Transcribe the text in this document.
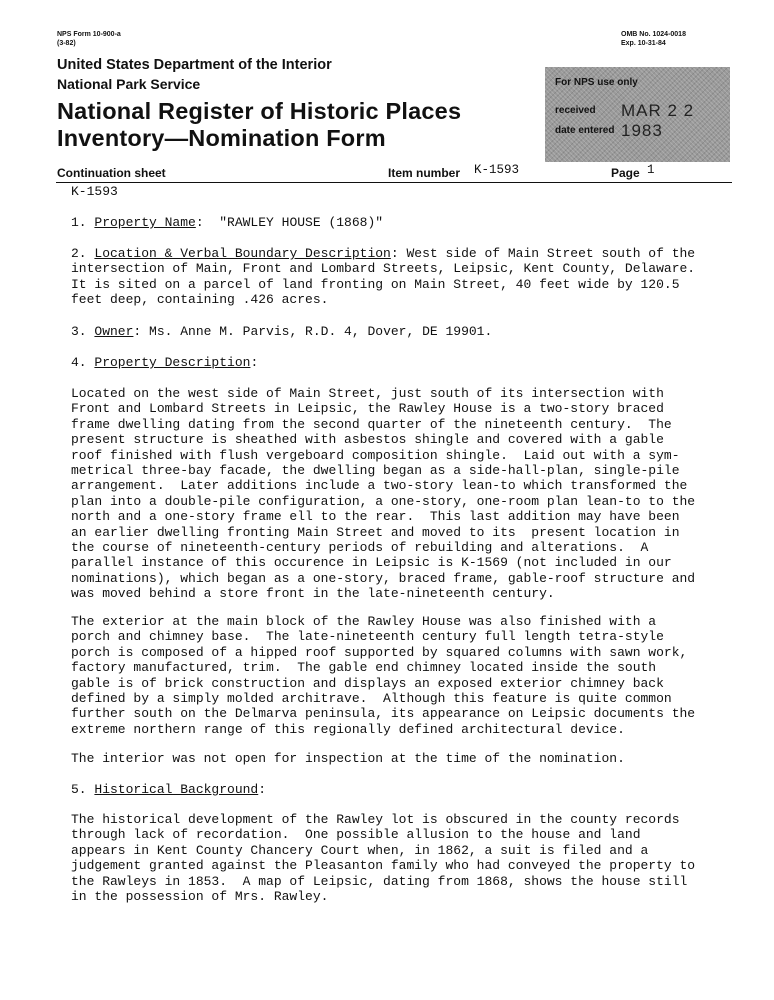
NPS Form 10-900-a
(3-82)
OMB No. 1024-0018
Exp. 10-31-84
United States Department of the Interior
National Park Service
National Register of Historic Places
Inventory—Nomination Form
For NPS use only
received MAR 2 2 1983
date entered
Continuation sheet	Item number K-1593	Page 1
K-1593
1. Property Name:  "RAWLEY HOUSE (1868)"
2. Location & Verbal Boundary Description: West side of Main Street south of the
intersection of Main, Front and Lombard Streets, Leipsic, Kent County, Delaware.
It is sited on a parcel of land fronting on Main Street, 40 feet wide by 120.5
feet deep, containing .426 acres.
3. Owner: Ms. Anne M. Parvis, R.D. 4, Dover, DE 19901.
4. Property Description:
Located on the west side of Main Street, just south of its intersection with
Front and Lombard Streets in Leipsic, the Rawley House is a two-story braced
frame dwelling dating from the second quarter of the nineteenth century.  The
present structure is sheathed with asbestos shingle and covered with a gable
roof finished with flush vergeboard composition shingle.  Laid out with a sym-
metrical three-bay facade, the dwelling began as a side-hall-plan, single-pile
arrangement.  Later additions include a two-story lean-to which transformed the
plan into a double-pile configuration, a one-story, one-room plan lean-to to the
north and a one-story frame ell to the rear.  This last addition may have been
an earlier dwelling fronting Main Street and moved to its  present location in
the course of nineteenth-century periods of rebuilding and alterations.  A
parallel instance of this occurence in Leipsic is K-1569 (not included in our
nominations), which began as a one-story, braced frame, gable-roof structure and
was moved behind a store front in the late-nineteenth century.
The exterior at the main block of the Rawley House was also finished with a
porch and chimney base.  The late-nineteenth century full length tetra-style
porch is composed of a hipped roof supported by squared columns with sawn work,
factory manufactured, trim.  The gable end chimney located inside the south
gable is of brick construction and displays an exposed exterior chimney back
defined by a simply molded architrave.  Although this feature is quite common
further south on the Delmarva peninsula, its appearance on Leipsic documents the
extreme northern range of this regionally defined architectural device.
The interior was not open for inspection at the time of the nomination.
5. Historical Background:
The historical development of the Rawley lot is obscured in the county records
through lack of recordation.  One possible allusion to the house and land
appears in Kent County Chancery Court when, in 1862, a suit is filed and a
judgement granted against the Pleasanton family who had conveyed the property to
the Rawleys in 1853.  A map of Leipsic, dating from 1868, shows the house still
in the possession of Mrs. Rawley.
